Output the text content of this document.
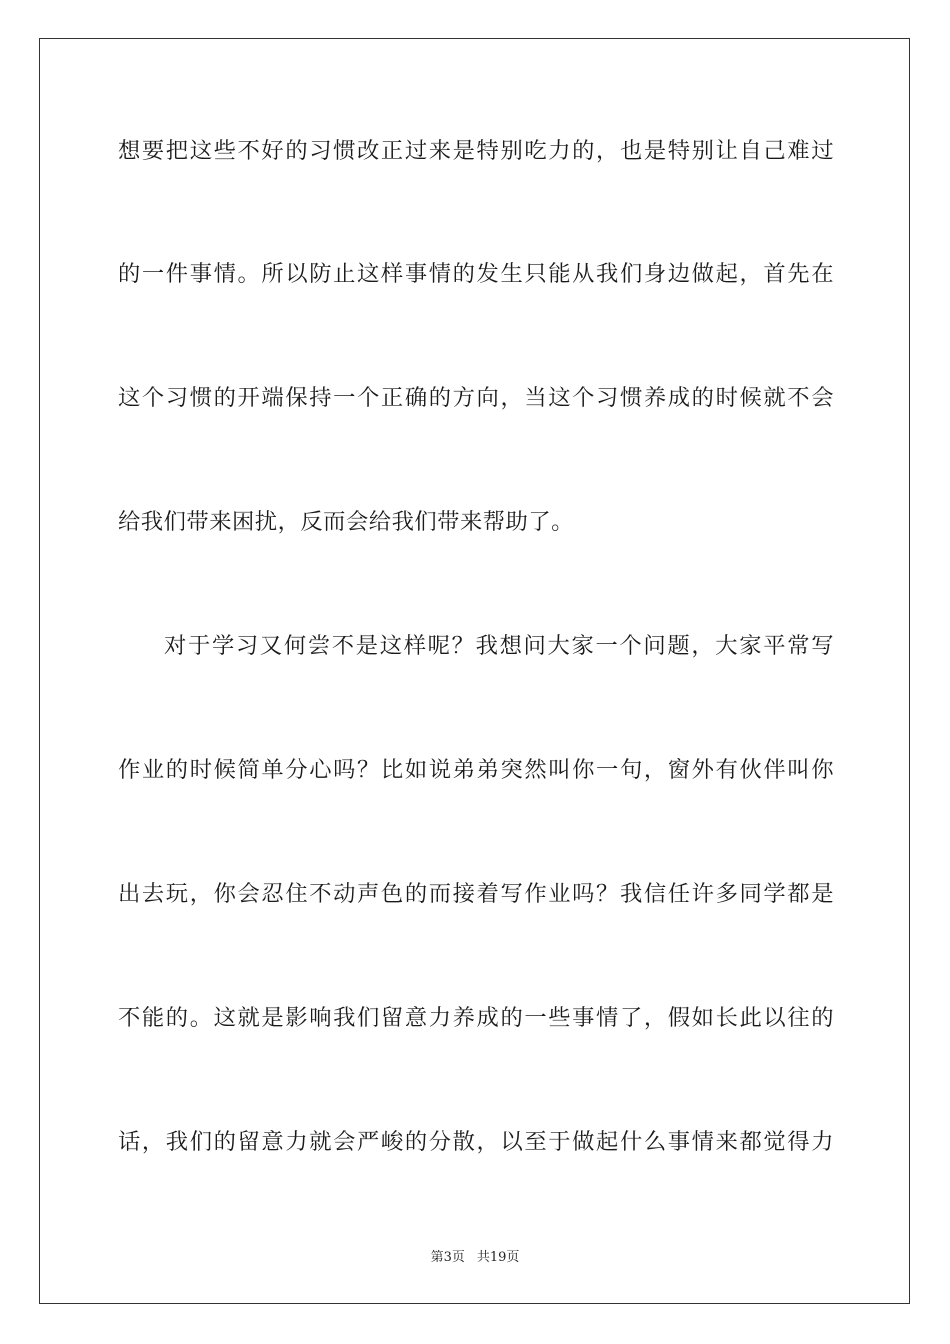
想要把这些不好的习惯改正过来是特别吃力的，也是特别让自己难过
的一件事情。所以防止这样事情的发生只能从我们身边做起，首先在
这个习惯的开端保持一个正确的方向，当这个习惯养成的时候就不会
给我们带来困扰，反而会给我们带来帮助了。
对于学习又何尝不是这样呢？我想问大家一个问题，大家平常写
作业的时候简单分心吗？比如说弟弟突然叫你一句，窗外有伙伴叫你
出去玩，你会忍住不动声色的而接着写作业吗？我信任许多同学都是
不能的。这就是影响我们留意力养成的一些事情了，假如长此以往的
话，我们的留意力就会严峻的分散，以至于做起什么事情来都觉得力
第3页 共19页
